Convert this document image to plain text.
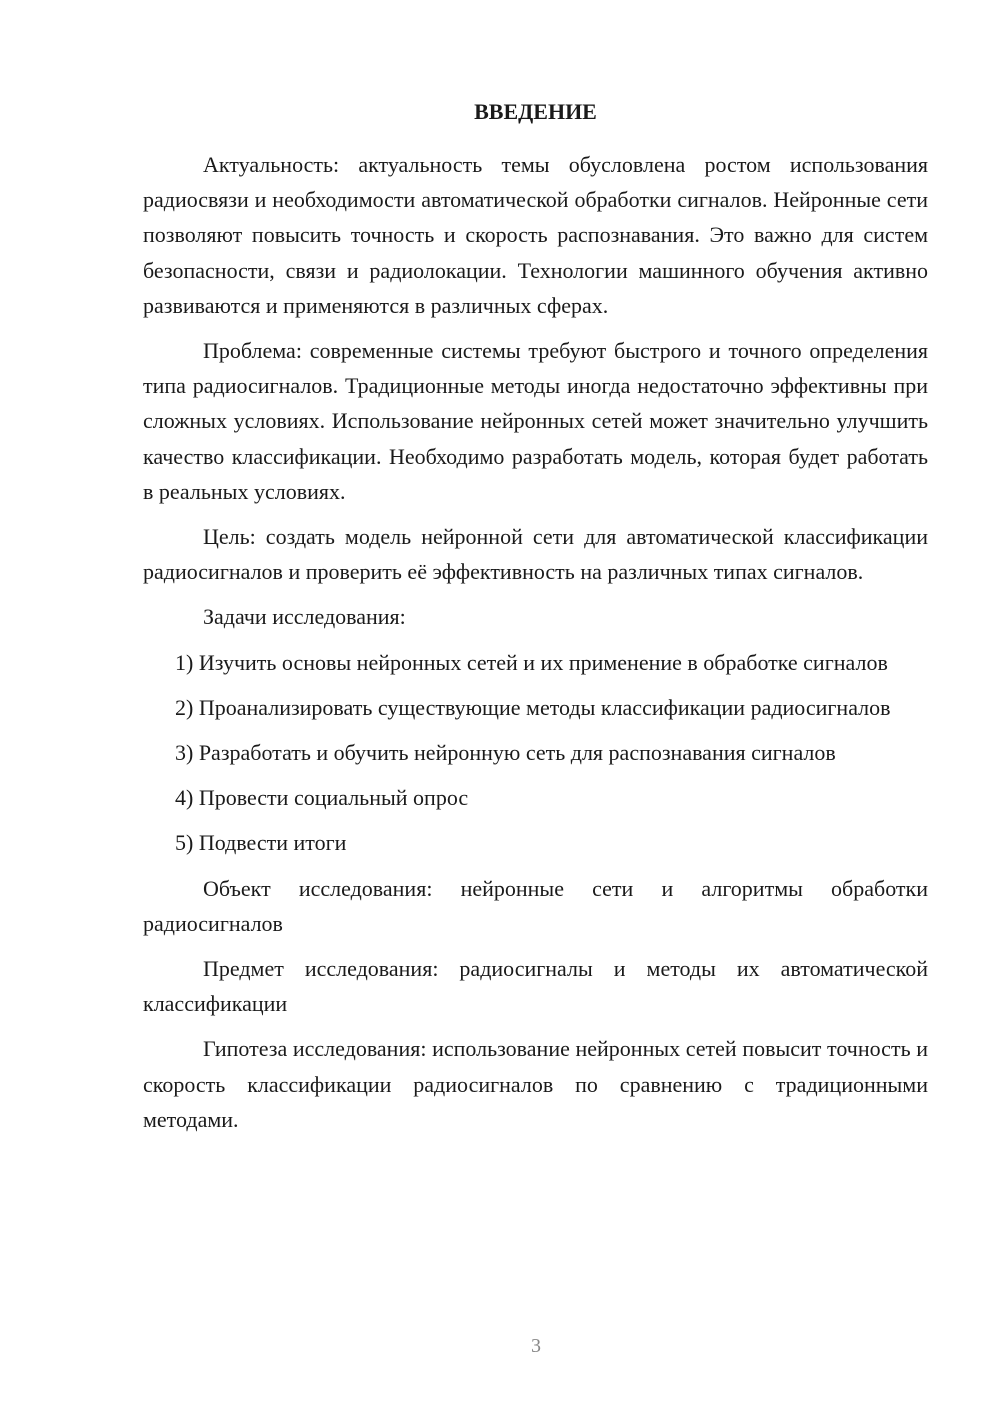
ВВЕДЕНИЕ

Актуальность: актуальность темы обусловлена ростом использования радиосвязи и необходимости автоматической обработки сигналов. Нейронные сети позволяют повысить точность и скорость распознавания. Это важно для систем безопасности, связи и радиолокации. Технологии машинного обучения активно развиваются и применяются в различных сферах.

Проблема: современные системы требуют быстрого и точного определения типа радиосигналов. Традиционные методы иногда недостаточно эффективны при сложных условиях. Использование нейронных сетей может значительно улучшить качество классификации. Необходимо разработать модель, которая будет работать в реальных условиях.

Цель: создать модель нейронной сети для автоматической классификации радиосигналов и проверить её эффективность на различных типах сигналов.

Задачи исследования:

1) Изучить основы нейронных сетей и их применение в обработке сигналов

2) Проанализировать существующие методы классификации радиосигналов

3) Разработать и обучить нейронную сеть для распознавания сигналов

4) Провести социальный опрос

5) Подвести итоги

Объект исследования: нейронные сети и алгоритмы обработки радиосигналов

Предмет исследования: радиосигналы и методы их автоматической классификации

Гипотеза исследования: использование нейронных сетей повысит точность и скорость классификации радиосигналов по сравнению с традиционными методами.

3
